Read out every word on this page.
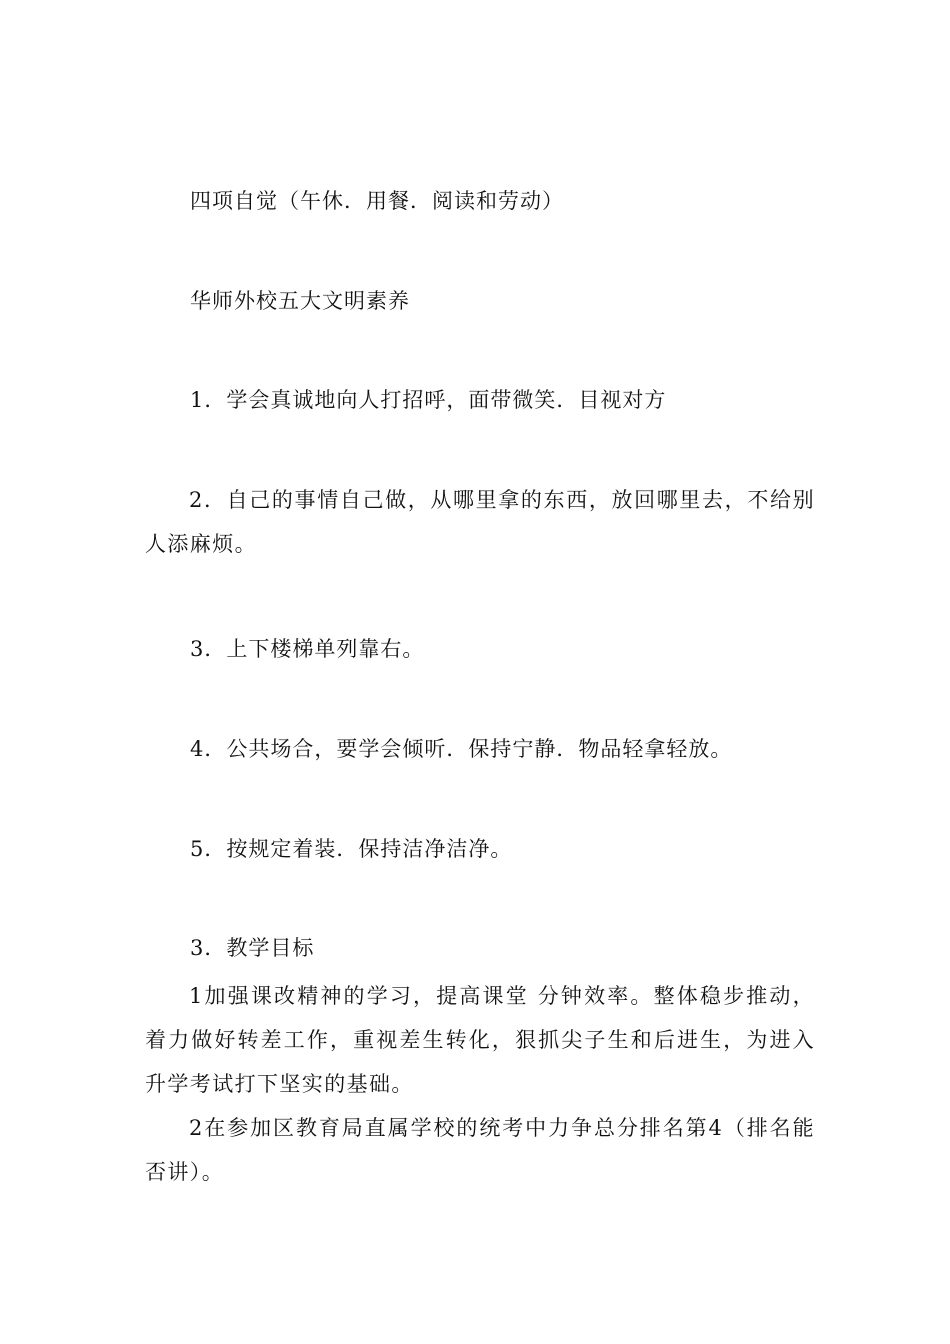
四项自觉（午休．用餐．阅读和劳动）
华师外校五大文明素养
1．学会真诚地向人打招呼，面带微笑．目视对方
2．自己的事情自己做，从哪里拿的东西，放回哪里去，不给别人添麻烦。
3．上下楼梯单列靠右。
4．公共场合，要学会倾听．保持宁静．物品轻拿轻放。
5．按规定着装．保持洁净洁净。
3．教学目标
1加强课改精神的学习，提高课堂 分钟效率。整体稳步推动，着力做好转差工作，重视差生转化，狠抓尖子生和后进生，为进入升学考试打下坚实的基础。
2在参加区教育局直属学校的统考中力争总分排名第4（排名能否讲）。
